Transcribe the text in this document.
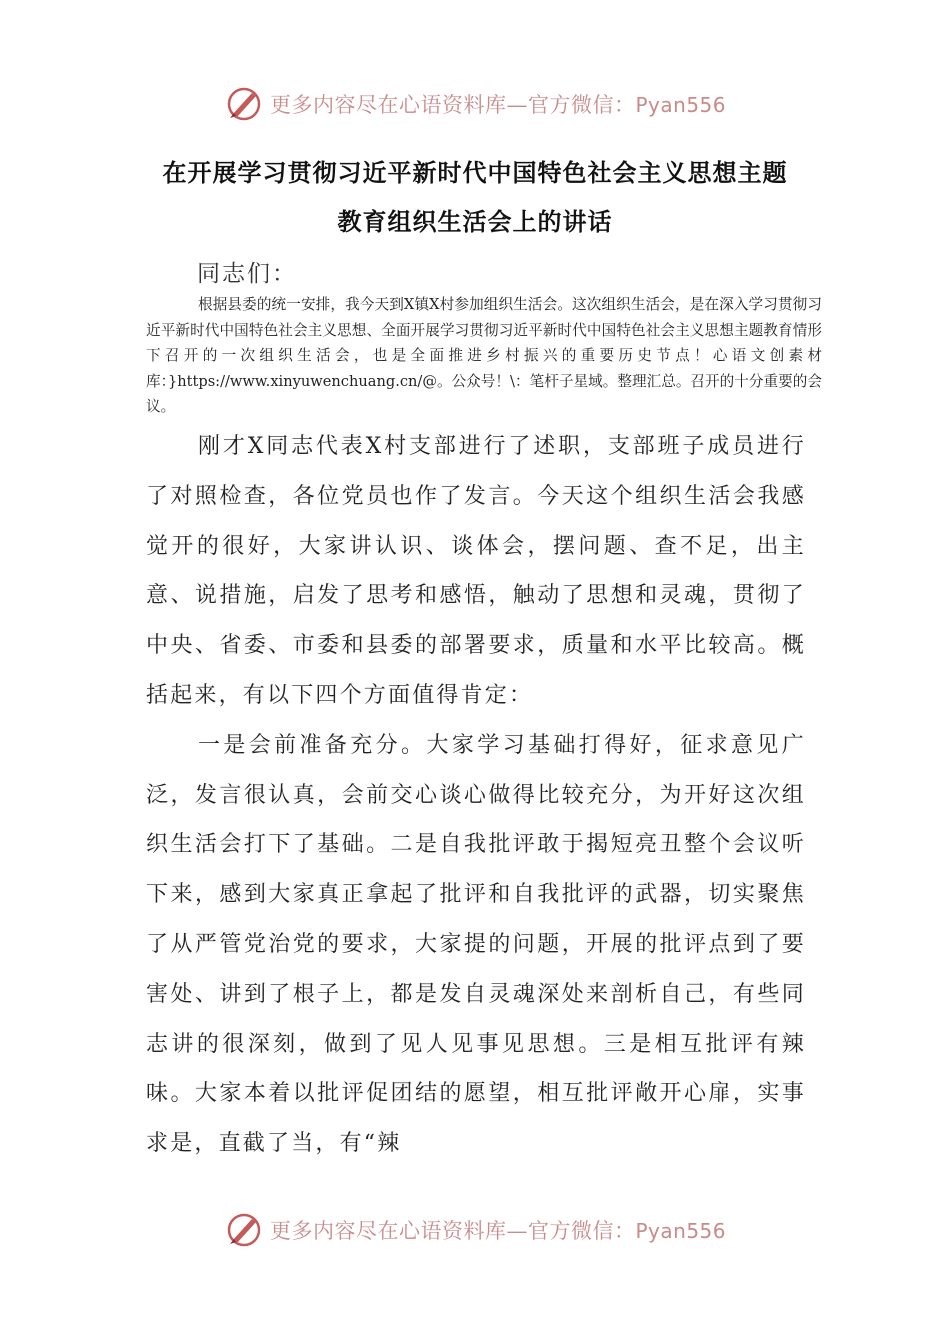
更多内容尽在心语资料库—官方微信：Pyan556
在开展学习贯彻习近平新时代中国特色社会主义思想主题
教育组织生活会上的讲话
同志们：

根据县委的统一安排，我今天到X镇X村参加组织生活会。这次组织生活会，是在深入学习贯彻习近平新时代中国特色社会主义思想、全面开展学习贯彻习近平新时代中国特色社会主义思想主题教育情形下召开的一次组织生活会，也是全面推进乡村振兴的重要历史节点！心语文创素材库：}https://www.xinyuwenchuang.cn/@。公众号！\：笔杆子星域。整理汇总。召开的十分重要的会议。

刚才X同志代表X村支部进行了述职，支部班子成员进行了对照检查，各位党员也作了发言。今天这个组织生活会我感觉开的很好，大家讲认识、谈体会，摆问题、查不足，出主意、说措施，启发了思考和感悟，触动了思想和灵魂，贯彻了中央、省委、市委和县委的部署要求，质量和水平比较高。概括起来，有以下四个方面值得肯定：

一是会前准备充分。大家学习基础打得好，征求意见广泛，发言很认真，会前交心谈心做得比较充分，为开好这次组织生活会打下了基础。二是自我批评敢于揭短亮丑整个会议听下来，感到大家真正拿起了批评和自我批评的武器，切实聚焦了从严管党治党的要求，大家提的问题，开展的批评点到了要害处、讲到了根子上，都是发自灵魂深处来剖析自己，有些同志讲的很深刻，做到了见人见事见思想。三是相互批评有辣味。大家本着以批评促团结的愿望，相互批评敞开心扉，实事求是，直截了当，有“辣

更多内容尽在心语资料库—官方微信：Pyan556
